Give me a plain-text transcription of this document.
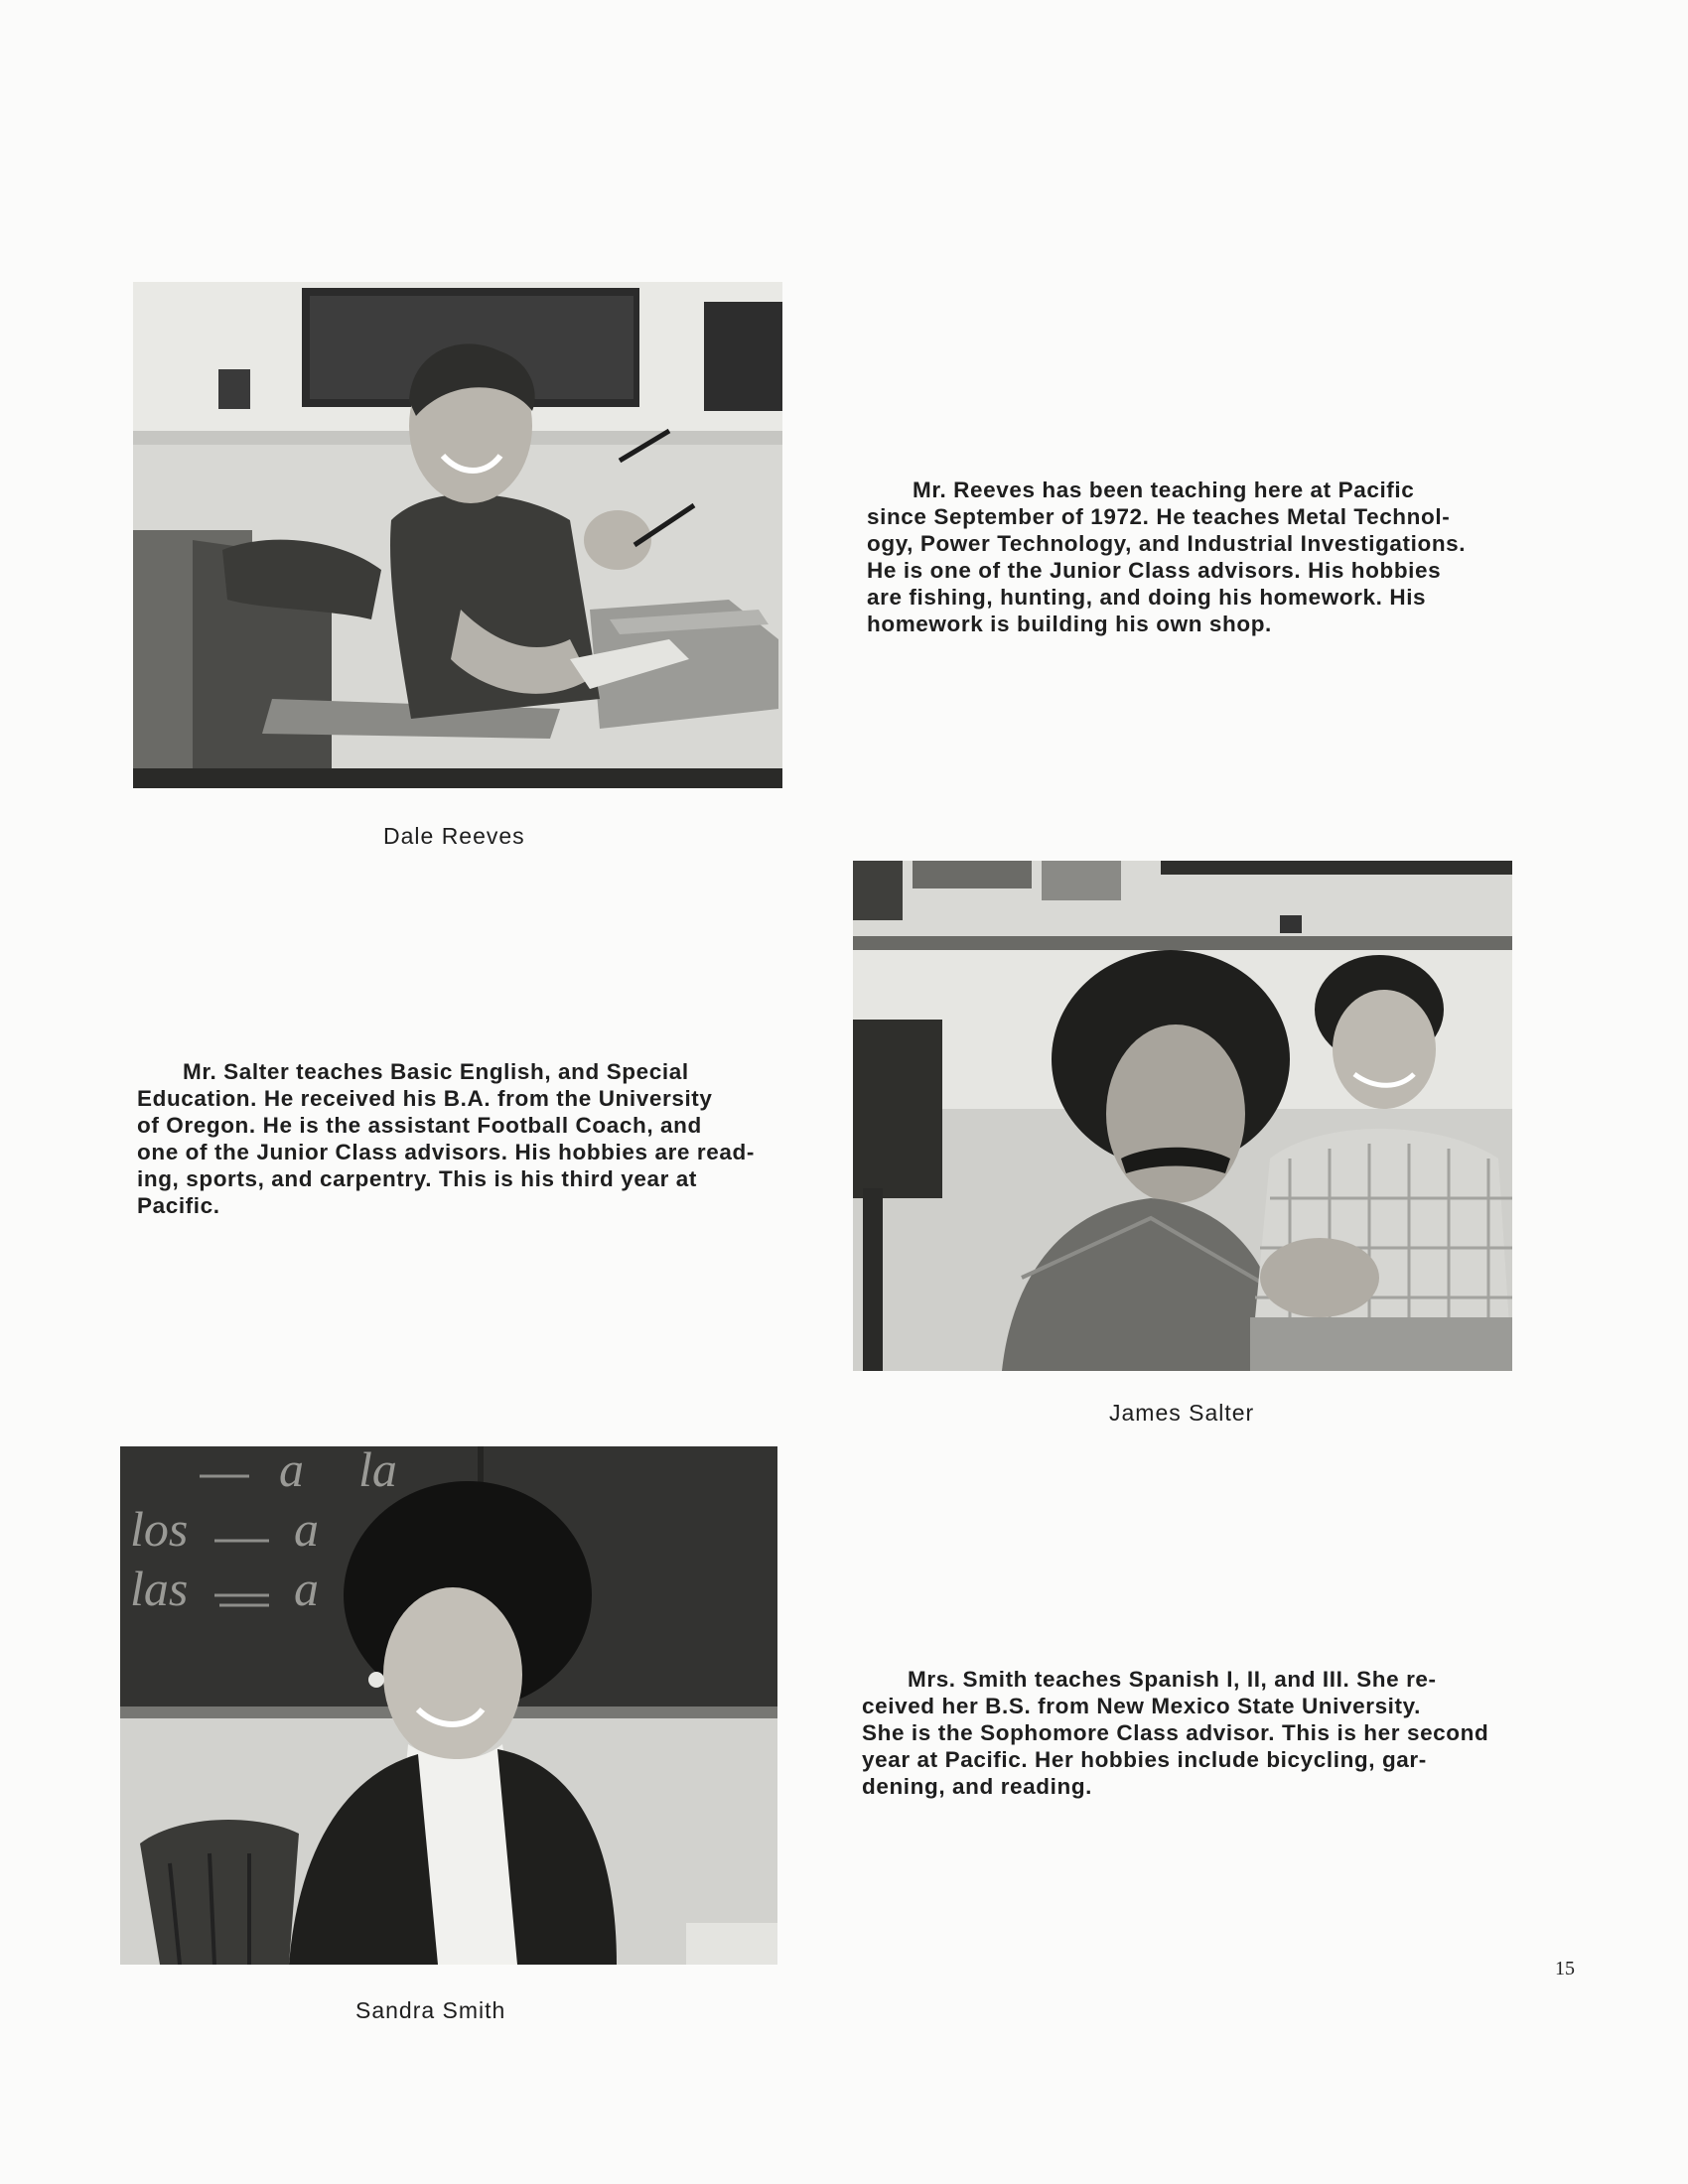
Dale Reeves

Mr. Reeves has been teaching here at Pacific
since September of 1972. He teaches Metal Technol-
ogy, Power Technology, and Industrial Investigations.
He is one of the Junior Class advisors. His hobbies
are fishing, hunting, and doing his homework. His
homework is building his own shop.

Mr. Salter teaches Basic English, and Special
Education. He received his B.A. from the University
of Oregon. He is the assistant Football Coach, and
one of the Junior Class advisors. His hobbies are read-
ing, sports, and carpentry. This is his third year at
Pacific.

James Salter
a la
los a
las a
Sandra Smith

Mrs. Smith teaches Spanish I, II, and III. She re-
ceived her B.S. from New Mexico State University.
She is the Sophomore Class advisor. This is her second
year at Pacific. Her hobbies include bicycling, gar-
dening, and reading.

15
